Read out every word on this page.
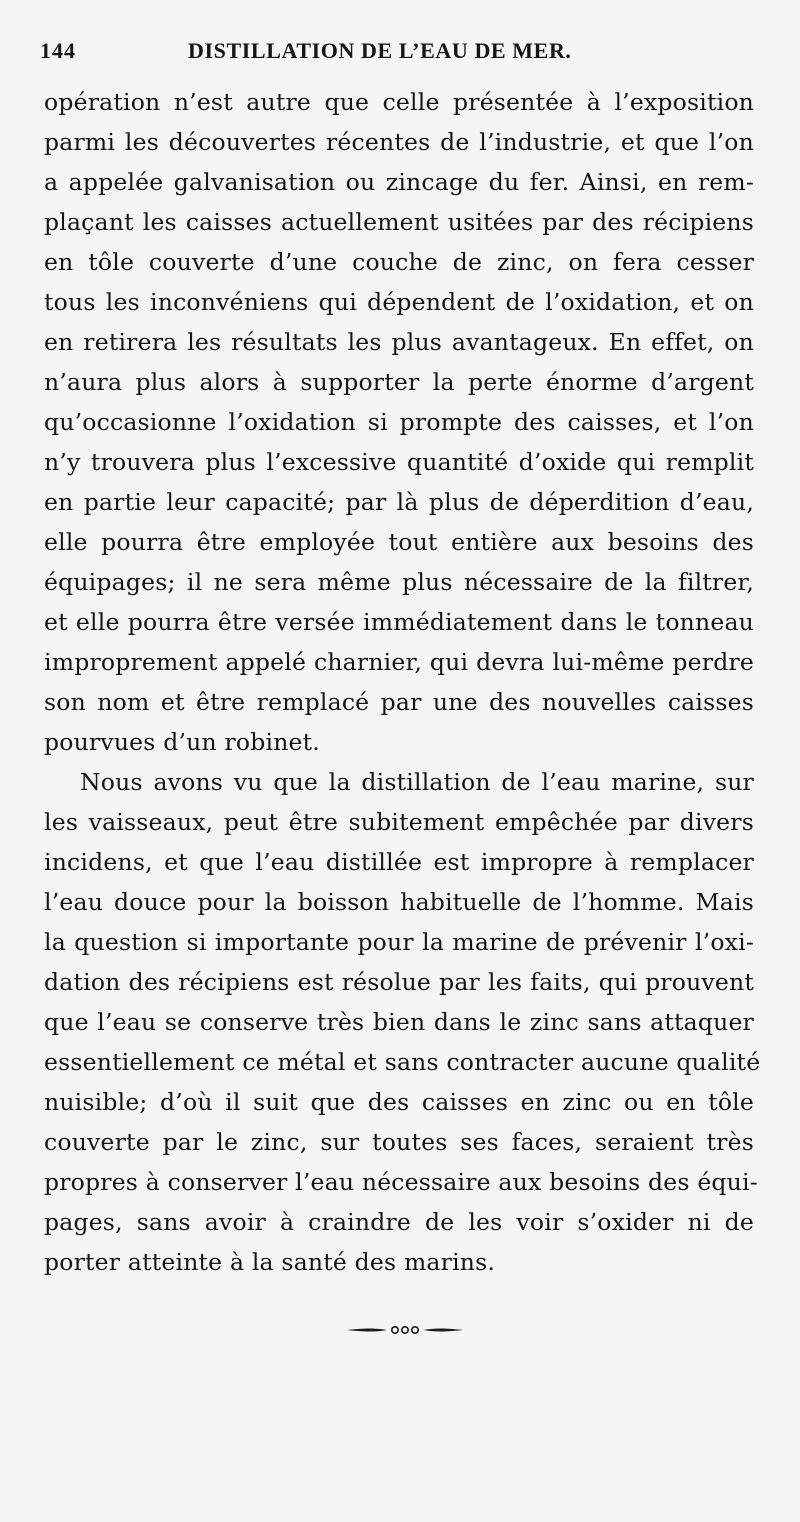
144	DISTILLATION DE L’EAU DE MER.
opération n’est autre que celle présentée à l’exposition
parmi les découvertes récentes de l’industrie, et que l’on
a appelée galvanisation ou zincage du fer. Ainsi, en rem-
plaçant les caisses actuellement usitées par des récipiens
en tôle couverte d’une couche de zinc, on fera cesser
tous les inconvéniens qui dépendent de l’oxidation, et on
en retirera les résultats les plus avantageux. En effet, on
n’aura plus alors à supporter la perte énorme d’argent
qu’occasionne l’oxidation si prompte des caisses, et l’on
n’y trouvera plus l’excessive quantité d’oxide qui remplit
en partie leur capacité; par là plus de déperdition d’eau,
elle pourra être employée tout entière aux besoins des
équipages; il ne sera même plus nécessaire de la filtrer,
et elle pourra être versée immédiatement dans le tonneau
improprement appelé charnier, qui devra lui-même perdre
son nom et être remplacé par une des nouvelles caisses
pourvues d’un robinet.
Nous avons vu que la distillation de l’eau marine, sur
les vaisseaux, peut être subitement empêchée par divers
incidens, et que l’eau distillée est impropre à remplacer
l’eau douce pour la boisson habituelle de l’homme. Mais
la question si importante pour la marine de prévenir l’oxi-
dation des récipiens est résolue par les faits, qui prouvent
que l’eau se conserve très bien dans le zinc sans attaquer
essentiellement ce métal et sans contracter aucune qualité
nuisible; d’où il suit que des caisses en zinc ou en tôle
couverte par le zinc, sur toutes ses faces, seraient très
propres à conserver l’eau nécessaire aux besoins des équi-
pages, sans avoir à craindre de les voir s’oxider ni de
porter atteinte à la santé des marins.
